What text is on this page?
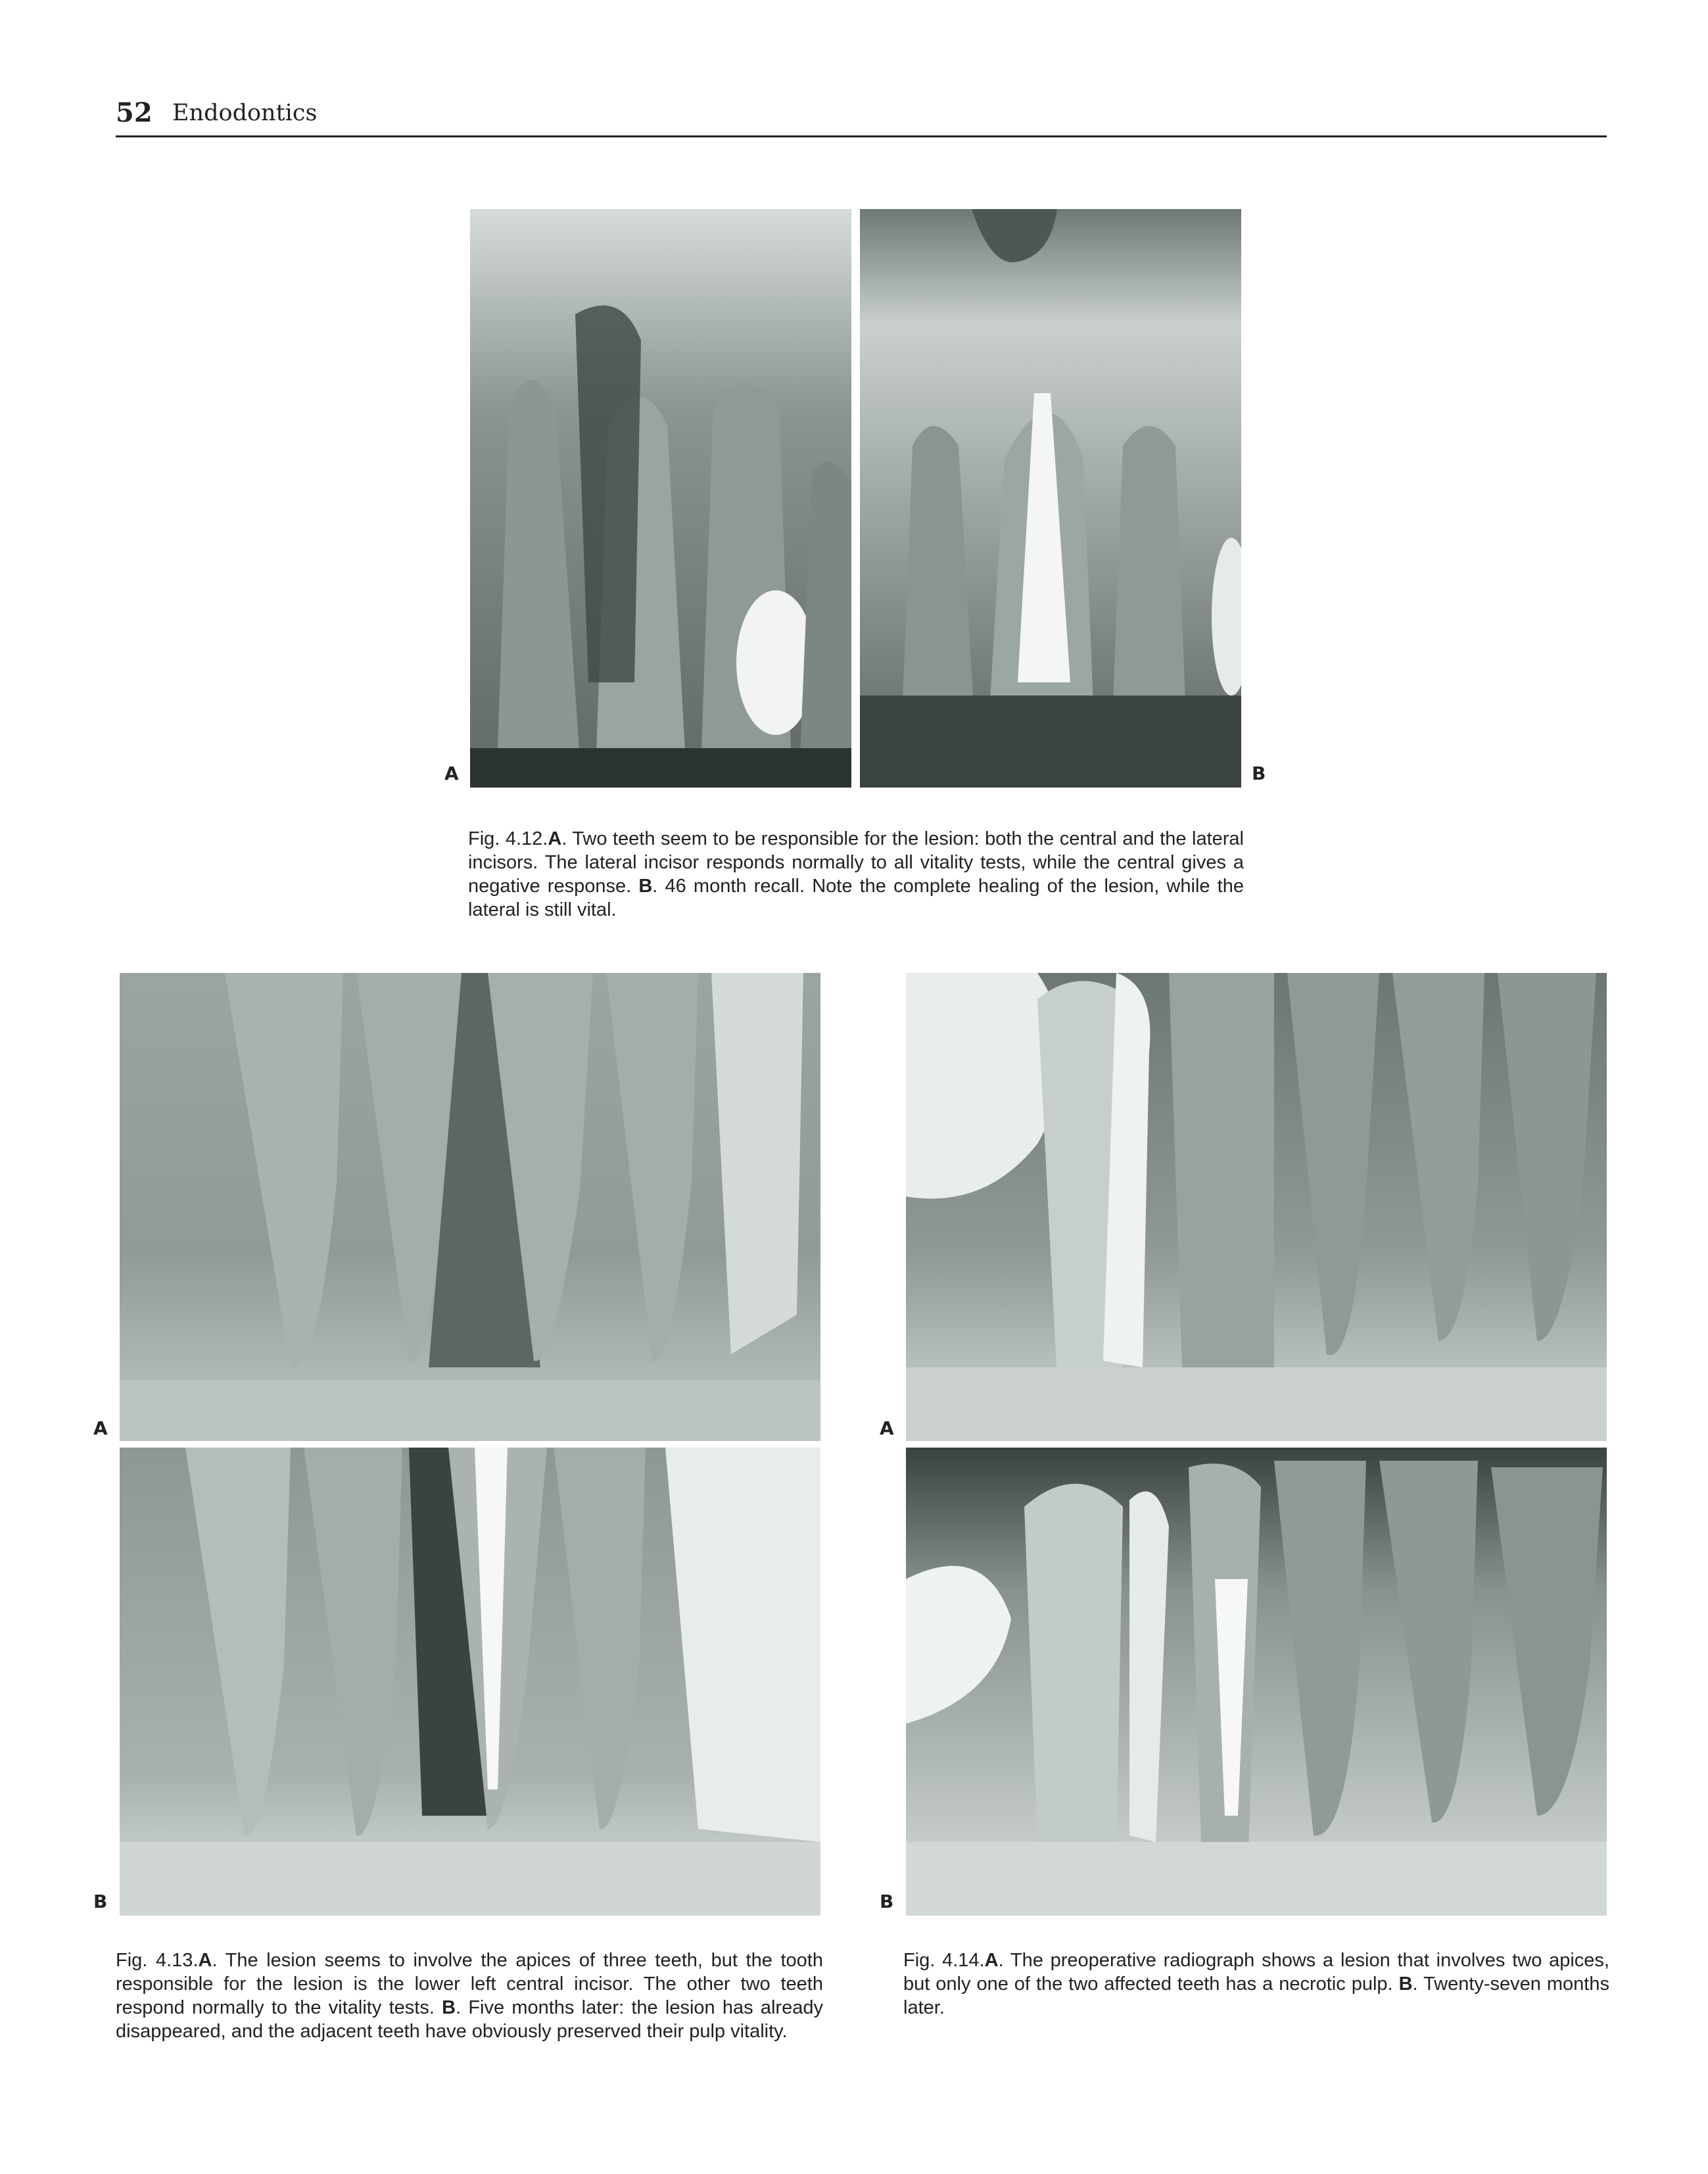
52 Endodontics
A	B
Fig. 4.12.A. Two teeth seem to be responsible for the lesion: both the central and the lateral incisors. The lateral incisor responds normally to all vitality tests, while the central gives a negative response. B. 46 month recall. Note the complete healing of the lesion, while the lateral is still vital.
A
B
Fig. 4.13.A. The lesion seems to involve the apices of three teeth, but the tooth responsible for the lesion is the lower left central incisor. The other two teeth respond normally to the vitality tests. B. Five months later: the lesion has already disappeared, and the adjacent teeth have obviously preserved their pulp vitality.
A
B
Fig. 4.14.A. The preoperative radiograph shows a lesion that involves two apices, but only one of the two affected teeth has a necrotic pulp. B. Twenty-seven months later.
